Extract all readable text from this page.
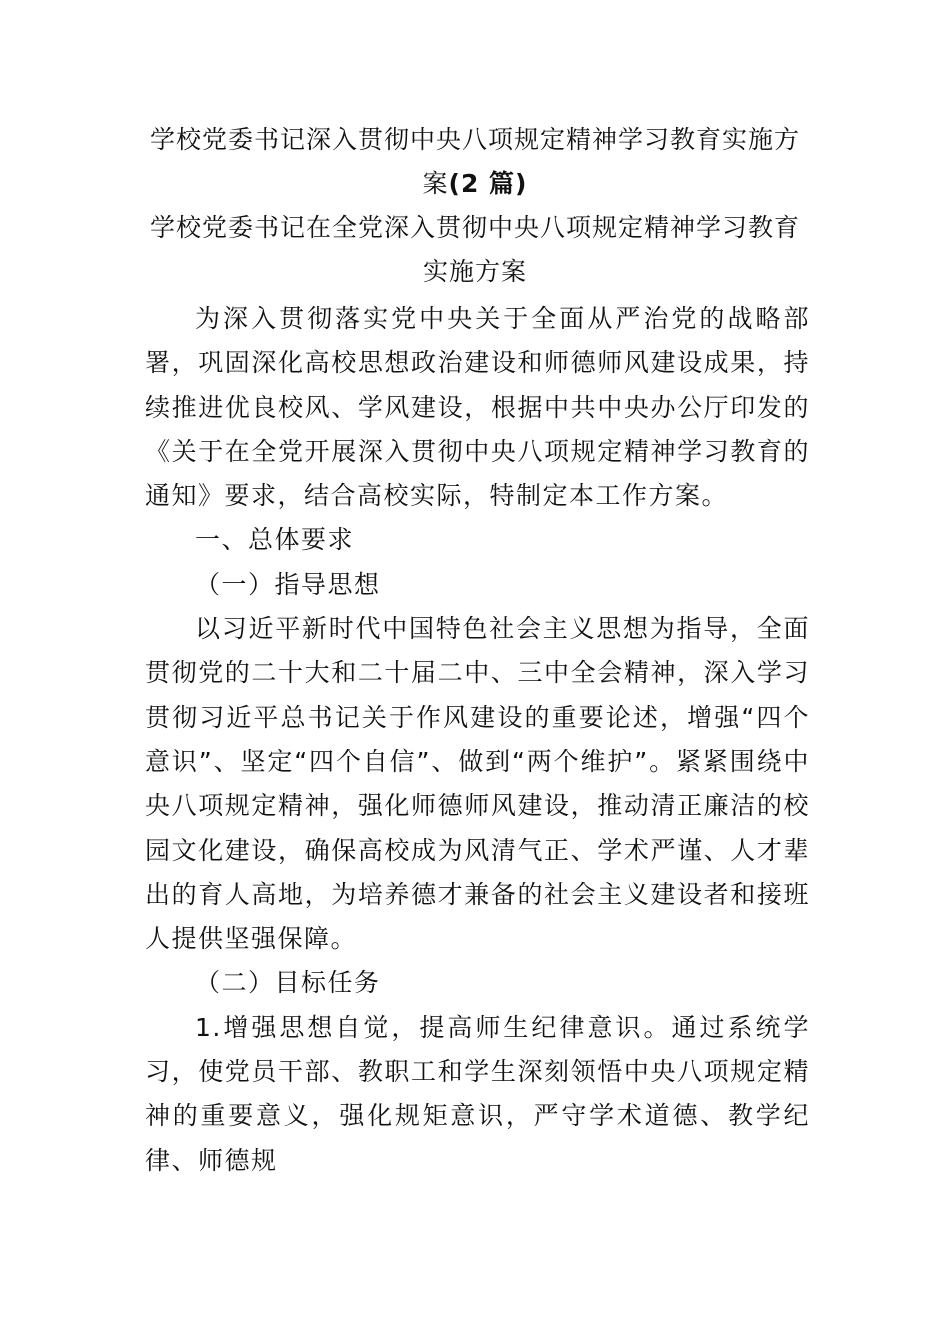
学校党委书记深入贯彻中央八项规定精神学习教育实施方案(2 篇)
学校党委书记在全党深入贯彻中央八项规定精神学习教育实施方案

为深入贯彻落实党中央关于全面从严治党的战略部署，巩固深化高校思想政治建设和师德师风建设成果，持续推进优良校风、学风建设，根据中共中央办公厅印发的《关于在全党开展深入贯彻中央八项规定精神学习教育的通知》要求，结合高校实际，特制定本工作方案。

一、总体要求

（一）指导思想

以习近平新时代中国特色社会主义思想为指导，全面贯彻党的二十大和二十届二中、三中全会精神，深入学习贯彻习近平总书记关于作风建设的重要论述，增强“四个意识”、坚定“四个自信”、做到“两个维护”。紧紧围绕中央八项规定精神，强化师德师风建设，推动清正廉洁的校园文化建设，确保高校成为风清气正、学术严谨、人才辈出的育人高地，为培养德才兼备的社会主义建设者和接班人提供坚强保障。

（二）目标任务

1.增强思想自觉，提高师生纪律意识。通过系统学习，使党员干部、教职工和学生深刻领悟中央八项规定精神的重要意义，强化规矩意识，严守学术道德、教学纪律、师德规
